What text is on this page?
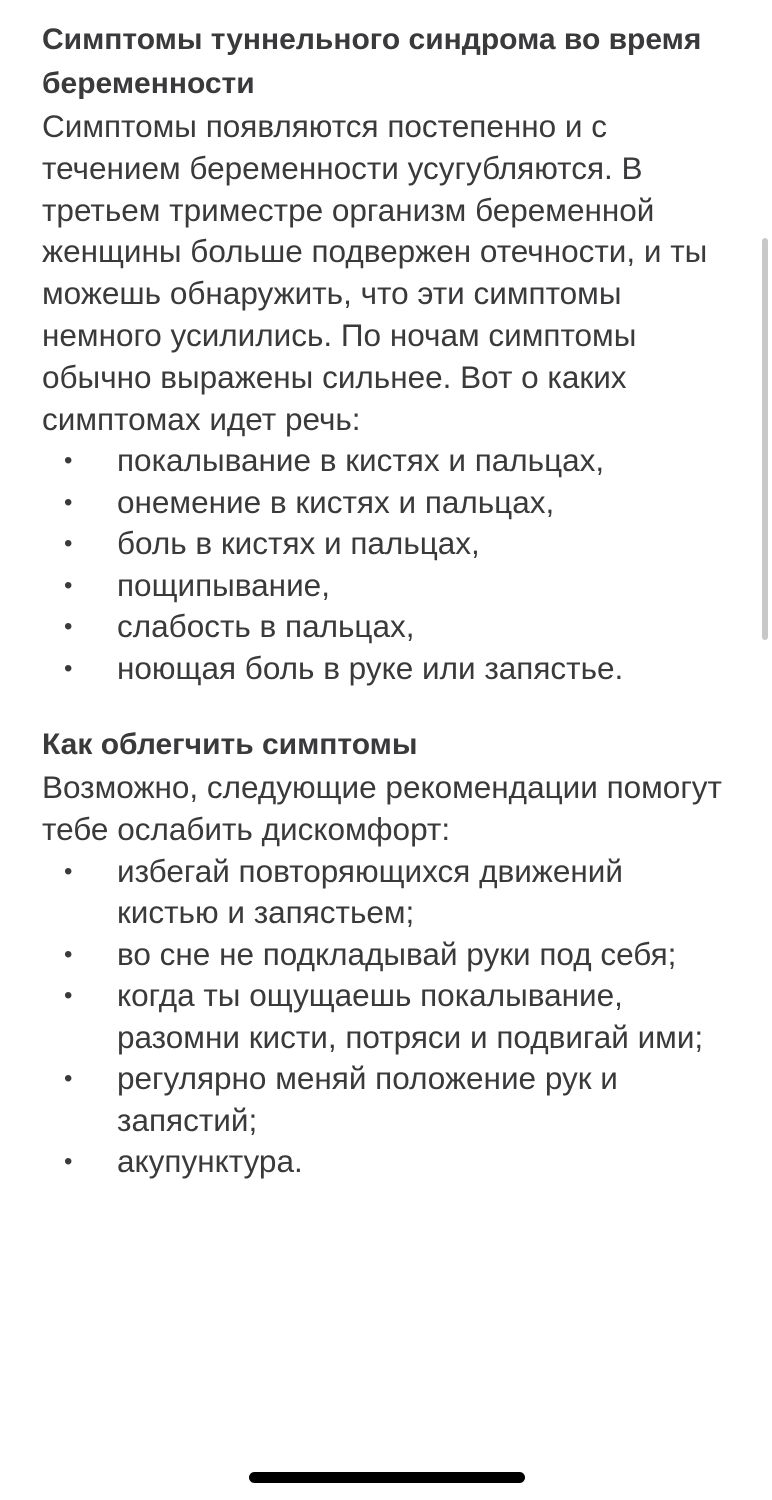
Симптомы туннельного синдрома во время беременности

Симптомы появляются постепенно и с течением беременности усугубляются. В третьем триместре организм беременной женщины больше подвержен отечности, и ты можешь обнаружить, что эти симптомы немного усилились. По ночам симптомы обычно выражены сильнее. Вот о каких симптомах идет речь:

• покалывание в кистях и пальцах,
• онемение в кистях и пальцах,
• боль в кистях и пальцах,
• пощипывание,
• слабость в пальцах,
• ноющая боль в руке или запястье.
Как облегчить симптомы

Возможно, следующие рекомендации помогут тебе ослабить дискомфорт:

• избегай повторяющихся движений кистью и запястьем;
• во сне не подкладывай руки под себя;
• когда ты ощущаешь покалывание, разомни кисти, потряси и подвигай ими;
• регулярно меняй положение рук и запястий;
• акупунктура.
